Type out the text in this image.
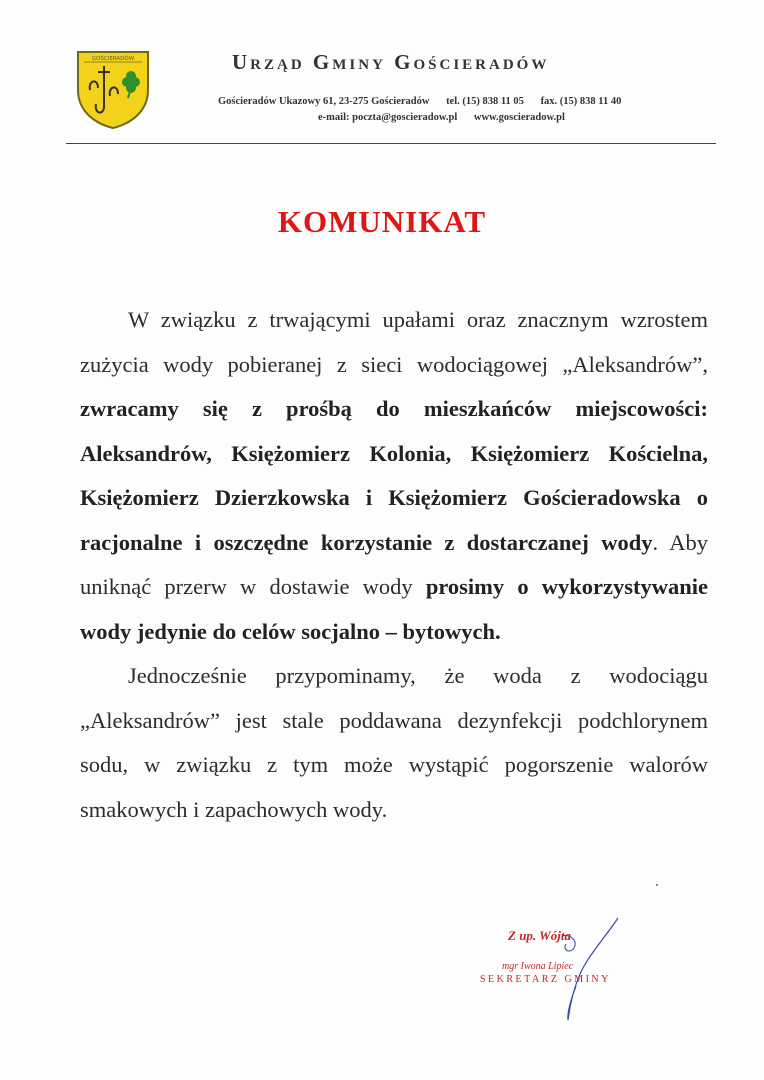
GOŚCIERADÓW	Urząd Gminy Gościeradów
Gościeradów Ukazowy 61, 23-275 Gościeradów tel. (15) 838 11 05 fax. (15) 838 11 40
e-mail: poczta@goscieradow.pl www.goscieradow.pl
KOMUNIKAT

W związku z trwającymi upałami oraz znacznym wzrostem zużycia wody pobieranej z sieci wodociągowej „Aleksandrów”, zwracamy się z prośbą do mieszkańców miejscowości: Aleksandrów, Księżomierz Kolonia, Księżomierz Kościelna, Księżomierz Dzierzkowska i Księżomierz Gościeradowska o racjonalne i oszczędne korzystanie z dostarczanej wody. Aby uniknąć przerw w dostawie wody prosimy o wykorzystywanie wody jedynie do celów socjalno – bytowych.

Jednocześnie przypominamy, że woda z wodociągu „Aleksandrów” jest stale poddawana dezynfekcji podchlorynem sodu, w związku z tym może wystąpić pogorszenie walorów smakowych i zapachowych wody.

Z up. Wójta
mgr Iwona Lipiec
SEKRETARZ GMINY
